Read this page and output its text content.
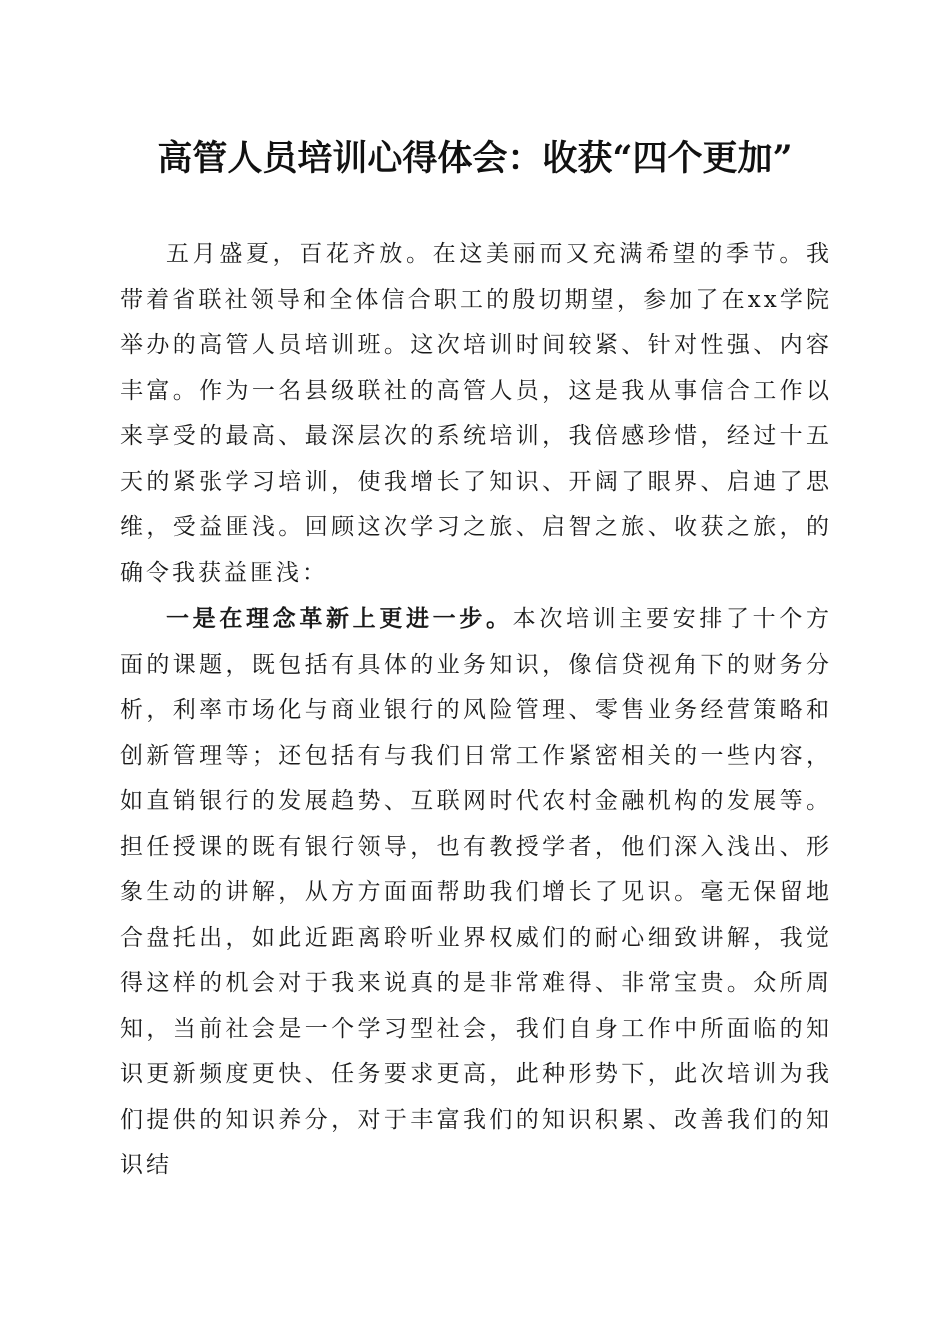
高管人员培训心得体会：收获“四个更加”

五月盛夏，百花齐放。在这美丽而又充满希望的季节。我带着省联社领导和全体信合职工的殷切期望，参加了在xx学院举办的高管人员培训班。这次培训时间较紧、针对性强、内容丰富。作为一名县级联社的高管人员，这是我从事信合工作以来享受的最高、最深层次的系统培训，我倍感珍惜，经过十五天的紧张学习培训，使我增长了知识、开阔了眼界、启迪了思维，受益匪浅。回顾这次学习之旅、启智之旅、收获之旅，的确令我获益匪浅：

一是在理念革新上更进一步。本次培训主要安排了十个方面的课题，既包括有具体的业务知识，像信贷视角下的财务分析，利率市场化与商业银行的风险管理、零售业务经营策略和创新管理等；还包括有与我们日常工作紧密相关的一些内容，如直销银行的发展趋势、互联网时代农村金融机构的发展等。担任授课的既有银行领导，也有教授学者，他们深入浅出、形象生动的讲解，从方方面面帮助我们增长了见识。毫无保留地合盘托出，如此近距离聆听业界权威们的耐心细致讲解，我觉得这样的机会对于我来说真的是非常难得、非常宝贵。众所周知，当前社会是一个学习型社会，我们自身工作中所面临的知识更新频度更快、任务要求更高，此种形势下，此次培训为我们提供的知识养分，对于丰富我们的知识积累、改善我们的知识结
